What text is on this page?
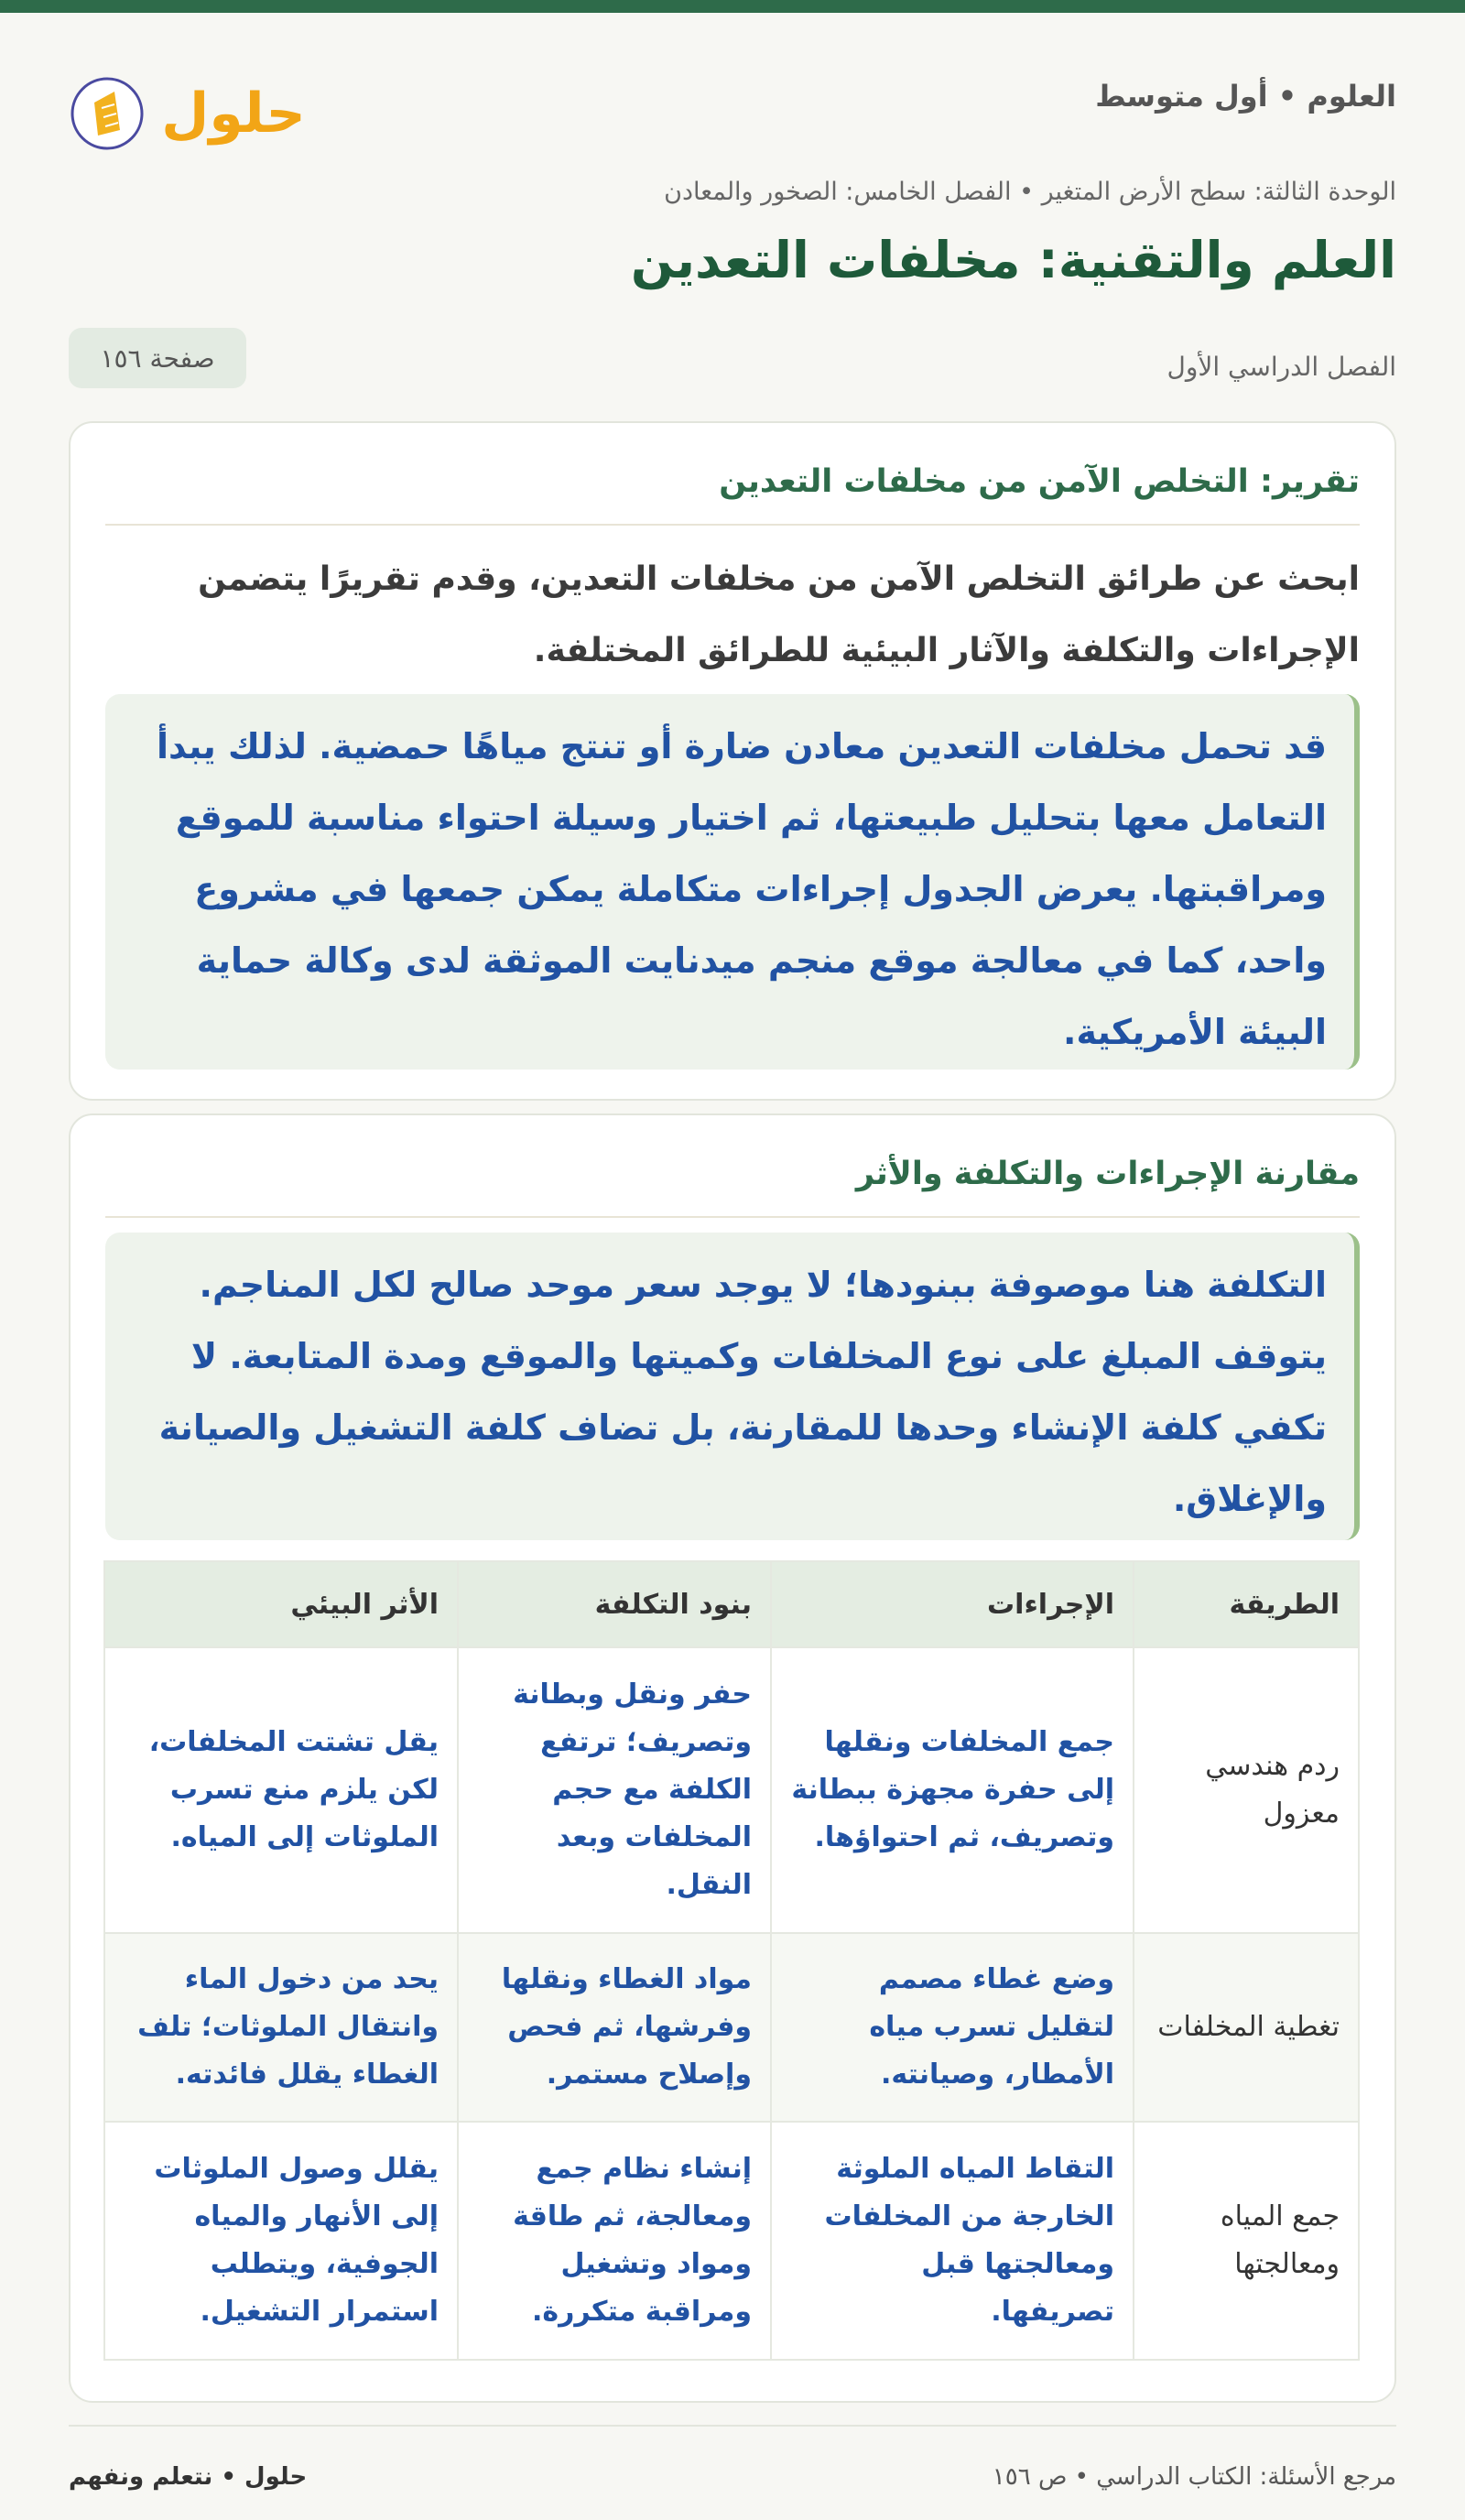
العلوم • أول متوسط
حلول
الوحدة الثالثة: سطح الأرض المتغير • الفصل الخامس: الصخور والمعادن
العلم والتقنية: مخلفات التعدين
الفصل الدراسي الأول
صفحة ١٥٦
تقرير: التخلص الآمن من مخلفات التعدين
ابحث عن طرائق التخلص الآمن من مخلفات التعدين، وقدم تقريرًا يتضمن الإجراءات والتكلفة والآثار البيئية للطرائق المختلفة.
قد تحمل مخلفات التعدين معادن ضارة أو تنتج مياهًا حمضية. لذلك يبدأ التعامل معها بتحليل طبيعتها، ثم اختيار وسيلة احتواء مناسبة للموقع ومراقبتها. يعرض الجدول إجراءات متكاملة يمكن جمعها في مشروع واحد، كما في معالجة موقع منجم ميدنايت الموثقة لدى وكالة حماية البيئة الأمريكية.
مقارنة الإجراءات والتكلفة والأثر
التكلفة هنا موصوفة ببنودها؛ لا يوجد سعر موحد صالح لكل المناجم. يتوقف المبلغ على نوع المخلفات وكميتها والموقع ومدة المتابعة. لا تكفي كلفة الإنشاء وحدها للمقارنة، بل تضاف كلفة التشغيل والصيانة والإغلاق.
الطريقة	الإجراءات	بنود التكلفة	الأثر البيئي
ردم هندسي معزول	جمع المخلفات ونقلها إلى حفرة مجهزة ببطانة وتصريف، ثم احتواؤها.	حفر ونقل وبطانة وتصريف؛ ترتفع الكلفة مع حجم المخلفات وبعد النقل.	يقل تشتت المخلفات، لكن يلزم منع تسرب الملوثات إلى المياه.
تغطية المخلفات	وضع غطاء مصمم لتقليل تسرب مياه الأمطار، وصيانته.	مواد الغطاء ونقلها وفرشها، ثم فحص وإصلاح مستمر.	يحد من دخول الماء وانتقال الملوثات؛ تلف الغطاء يقلل فائدته.
جمع المياه ومعالجتها	التقاط المياه الملوثة الخارجة من المخلفات ومعالجتها قبل تصريفها.	إنشاء نظام جمع ومعالجة، ثم طاقة ومواد وتشغيل ومراقبة متكررة.	يقلل وصول الملوثات إلى الأنهار والمياه الجوفية، ويتطلب استمرار التشغيل.
حلول • نتعلم ونفهم	مرجع الأسئلة: الكتاب الدراسي • ص ١٥٦
